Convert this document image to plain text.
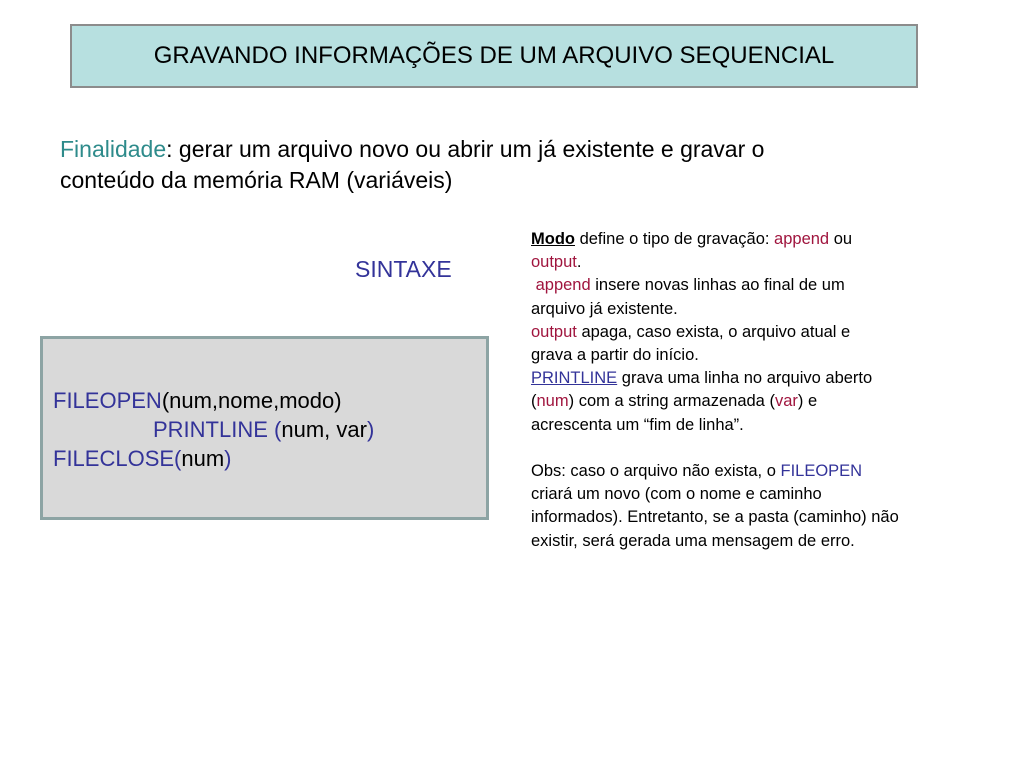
GRAVANDO INFORMAÇÕES DE UM ARQUIVO SEQUENCIAL
Finalidade: gerar um arquivo novo ou abrir um já existente e gravar o
conteúdo da memória RAM (variáveis)
SINTAXE
FILEOPEN(num,nome,modo)
PRINTLINE (num, var)
FILECLOSE(num)

Modo define o tipo de gravação: append ou

output.

append insere novas linhas ao final de um

arquivo já existente.

output apaga, caso exista, o arquivo atual e

grava a partir do início.

PRINTLINE grava uma linha no arquivo aberto

(num) com a string armazenada (var) e

acrescenta um “fim de linha”.

Obs: caso o arquivo não exista, o FILEOPEN

criará um novo (com o nome e caminho

informados). Entretanto, se a pasta (caminho) não

existir, será gerada uma mensagem de erro.
